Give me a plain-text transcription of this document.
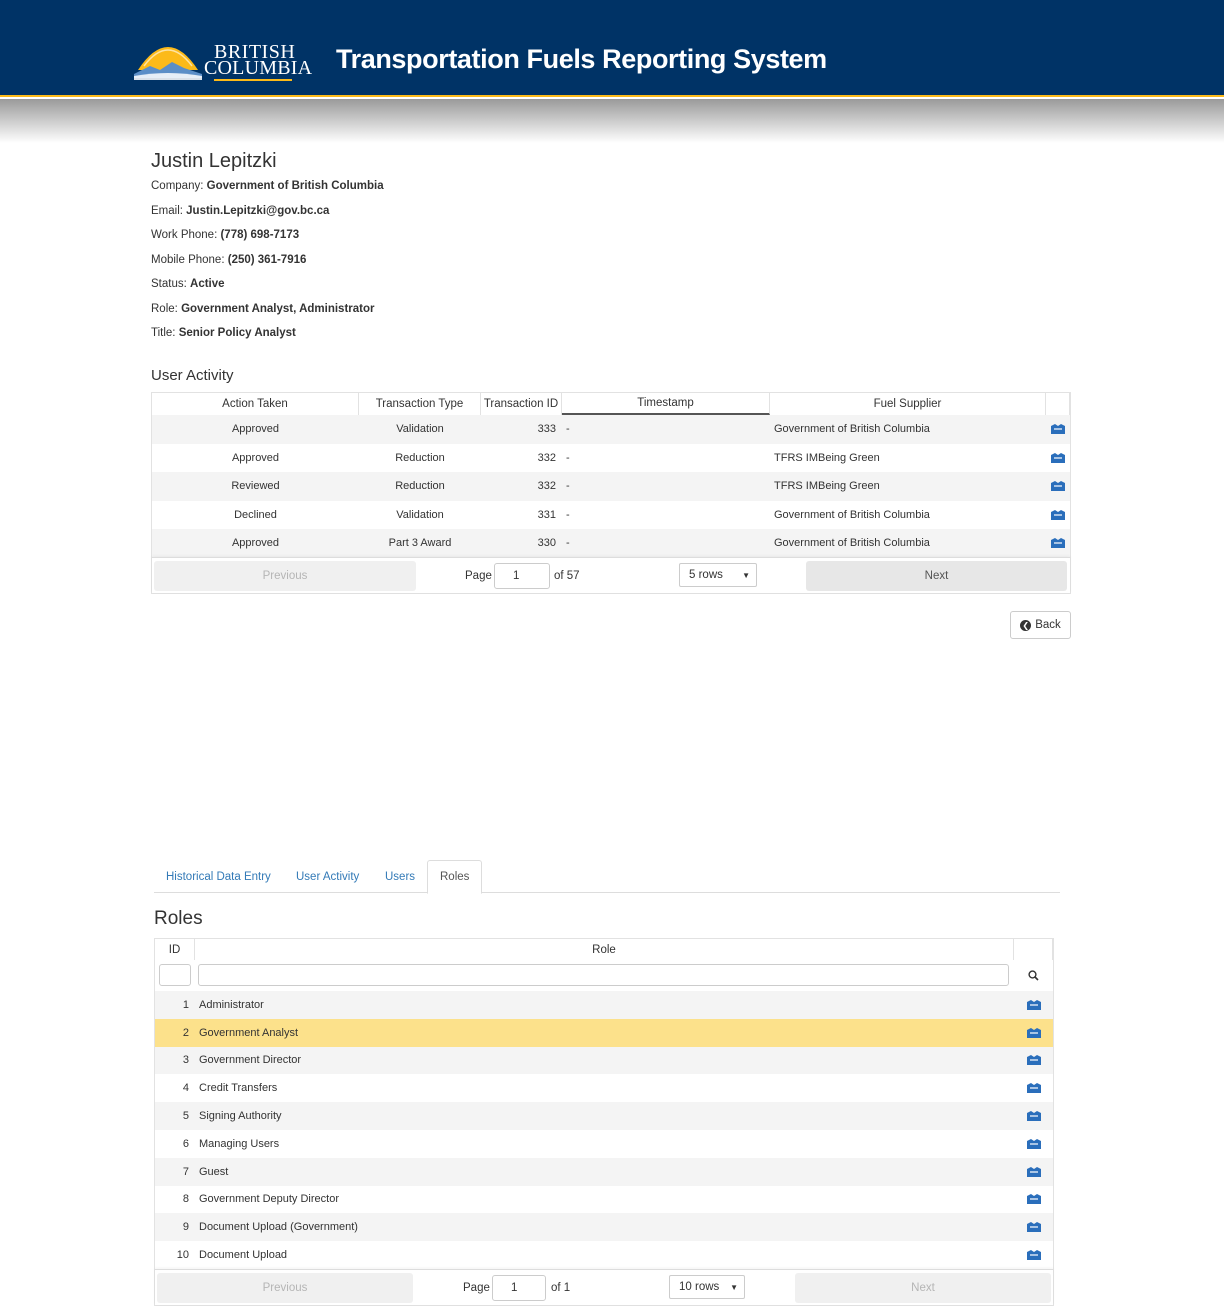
BRITISH
COLUMBIA Transportation Fuels Reporting System
Justin Lepitzki
Company: Government of British Columbia
Email: Justin.Lepitzki@gov.bc.ca
Work Phone: (778) 698-7173
Mobile Phone: (250) 361-7916
Status: Active
Role: Government Analyst, Administrator
Title: Senior Policy Analyst
User Activity
Action Taken	Transaction Type	Transaction ID	Timestamp	Fuel Supplier
Approved	Validation	333 -	Government of British Columbia
Approved	Reduction	332 -	TFRS IMBeing Green
Reviewed	Reduction	332 -	TFRS IMBeing Green
Declined	Validation	331 -	Government of British Columbia
Approved	Part 3 Award	330 -	Government of British Columbia
Previous	Page	1	of 57	5 rows ▼	Next
❮ Back
Historical Data Entry	User Activity	Users	Roles
Roles
ID	Role
1 Administrator
2 Government Analyst
3 Government Director
4 Credit Transfers
5 Signing Authority
6 Managing Users
7 Guest
8 Government Deputy Director
9 Document Upload (Government)
10 Document Upload
Previous	Page	1	of 1	10 rows ▼	Next
